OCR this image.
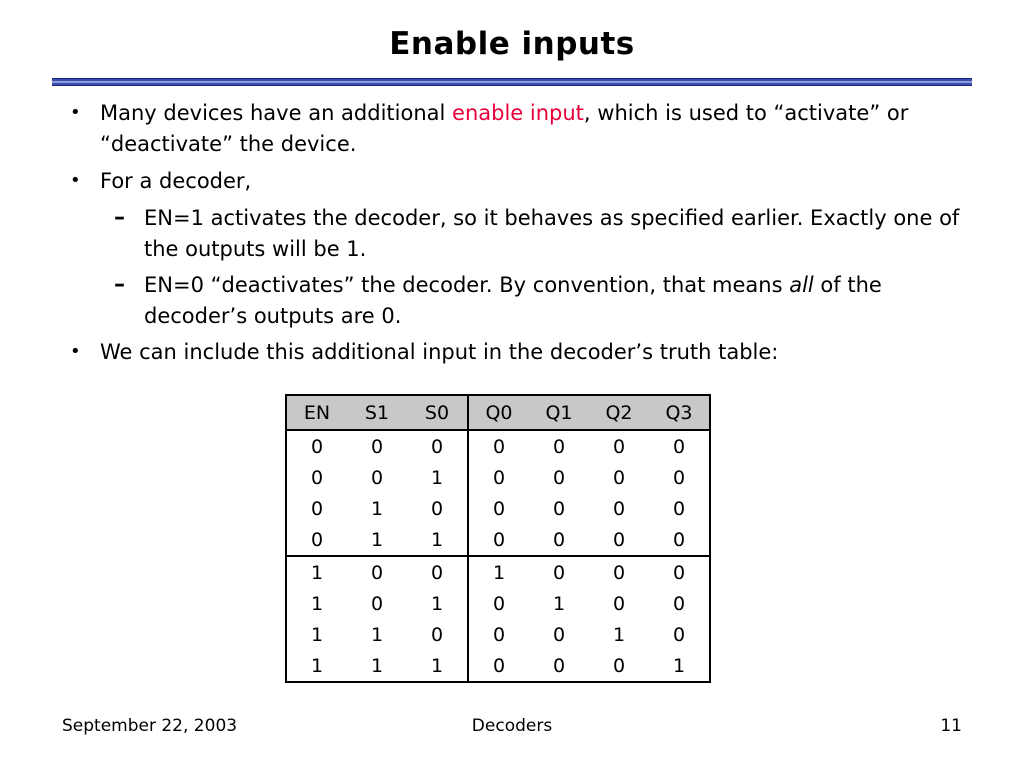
Enable inputs
• Many devices have an additional enable input, which is used to “activate” or “deactivate” the device.
• For a decoder,
– EN=1 activates the decoder, so it behaves as specified earlier. Exactly one of the outputs will be 1.
– EN=0 “deactivates” the decoder. By convention, that means all of the decoder’s outputs are 0.
• We can include this additional input in the decoder’s truth table:
EN	S1	S0	Q0	Q1	Q2	Q3
0	0	0	0	0	0	0
0	0	1	0	0	0	0
0	1	0	0	0	0	0
0	1	1	0	0	0	0
1	0	0	1	0	0	0
1	0	1	0	1	0	0
1	1	0	0	0	1	0
1	1	1	0	0	0	1
September 22, 2003	Decoders	11
